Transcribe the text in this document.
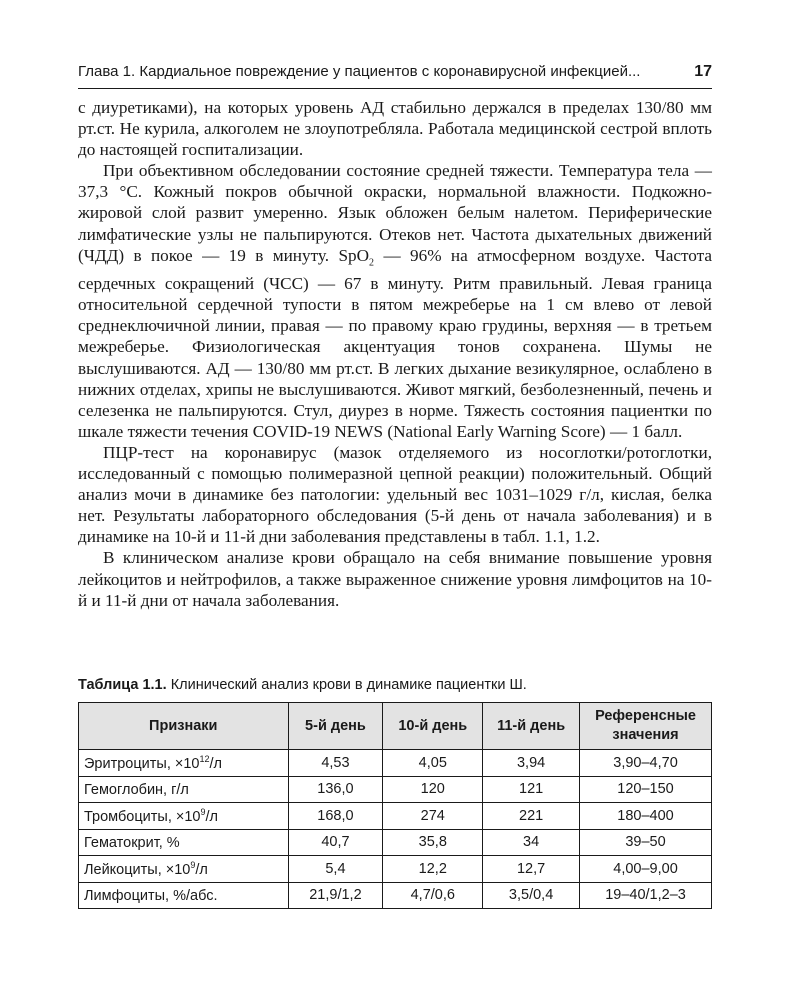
Глава 1. Кардиальное повреждение у пациентов с коронавирусной инфекцией...	17

с диуретиками), на которых уровень АД стабильно держался в пределах 130/80 мм рт.ст. Не курила, алкоголем не злоупотребляла. Работала медицинской сестрой вплоть до настоящей госпитализации.

При объективном обследовании состояние средней тяжести. Температура тела — 37,3 °С. Кожный покров обычной окраски, нормальной влажности. Подкожно-жировой слой развит умеренно. Язык обложен белым налетом. Периферические лимфатические узлы не пальпируются. Отеков нет. Частота дыхательных движений (ЧДД) в покое — 19 в минуту. SpO$_2$ — 96% на атмосферном воздухе. Частота сердечных сокращений (ЧСС) — 67 в минуту. Ритм правильный. Левая граница относительной сердечной тупости в пятом межреберье на 1 см влево от левой среднеключичной линии, правая — по правому краю грудины, верхняя — в третьем межреберье. Физиологическая акцентуация тонов сохранена. Шумы не выслушиваются. АД — 130/80 мм рт.ст. В легких дыхание везикулярное, ослаблено в нижних отделах, хрипы не выслушиваются. Живот мягкий, безболезненный, печень и селезенка не пальпируются. Стул, диурез в норме. Тяжесть состояния пациентки по шкале тяжести течения COVID-19 NEWS (National Early Warning Score) — 1 балл.

ПЦР-тест на коронавирус (мазок отделяемого из носоглотки/ротоглотки, исследованный с помощью полимеразной цепной реакции) положительный. Общий анализ мочи в динамике без патологии: удельный вес 1031–1029 г/л, кислая, белка нет. Результаты лабораторного обследования (5-й день от начала заболевания) и в динамике на 10-й и 11-й дни заболевания представлены в табл. 1.1, 1.2.

В клиническом анализе крови обращало на себя внимание повышение уровня лейкоцитов и нейтрофилов, а также выраженное снижение уровня лимфоцитов на 10-й и 11-й дни от начала заболевания.

Таблица 1.1. Клинический анализ крови в динамике пациентки Ш.
Признаки	5-й день	10-й день	11-й день	Референсные значения
Эритроциты, $\times 10^{12}/л$	4,53	4,05	3,94	3,90–4,70
Гемоглобин, г/л	136,0	120	121	120–150
Тромбоциты, $\times 10^9/л$	168,0	274	221	180–400
Гематокрит, %	40,7	35,8	34	39–50
Лейкоциты, $\times 10^9/л$	5,4	12,2	12,7	4,00–9,00
Лимфоциты, %/абс.	21,9/1,2	4,7/0,6	3,5/0,4	19–40/1,2–3
